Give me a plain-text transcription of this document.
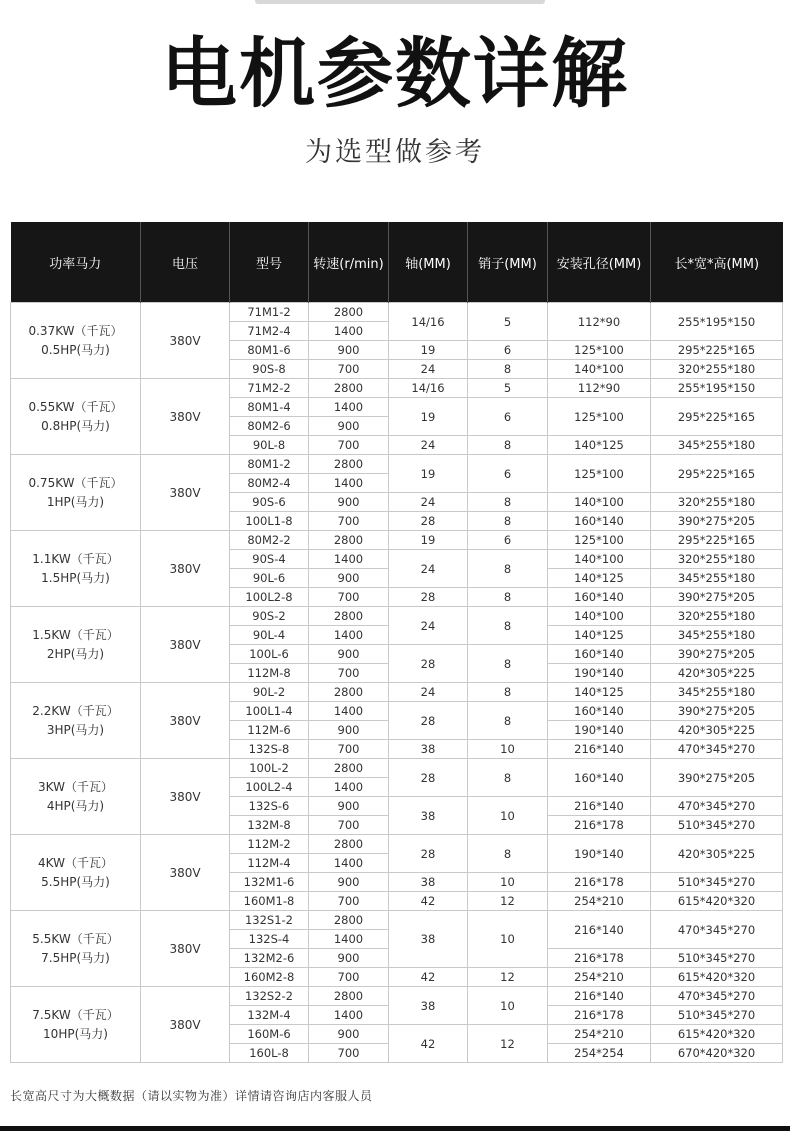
电机参数详解
为选型做参考
功率马力	电压	型号	转速(r/min)	轴(MM)	销子(MM)	安装孔径(MM)	长*宽*高(MM)

0.37KW（千瓦）
0.5HP(马力)	380V	71M1-2	2800	14/16	5	112*90	255*195*150
		71M2-4	1400				
		80M1-6	900	19	6	125*100	295*225*165
		90S-8	700	24	8	140*100	320*255*180

0.55KW（千瓦）
0.8HP(马力)	380V	71M2-2	2800	14/16	5	112*90	255*195*150
		80M1-4	1400	19	6	125*100	295*225*165
		80M2-6	900				
		90L-8	700	24	8	140*125	345*255*180

0.75KW（千瓦）
1HP(马力)	380V	80M1-2	2800	19	6	125*100	295*225*165
		80M2-4	1400				
		90S-6	900	24	8	140*100	320*255*180
		100L1-8	700	28	8	160*140	390*275*205

1.1KW（千瓦）
1.5HP(马力)	380V	80M2-2	2800	19	6	125*100	295*225*165
		90S-4	1400	24	8	140*100	320*255*180
		90L-6	900			140*125	345*255*180
		100L2-8	700	28	8	160*140	390*275*205

1.5KW（千瓦）
2HP(马力)	380V	90S-2	2800	24	8	140*100	320*255*180
		90L-4	1400			140*125	345*255*180
		100L-6	900	28	8	160*140	390*275*205
		112M-8	700			190*140	420*305*225

2.2KW（千瓦）
3HP(马力)	380V	90L-2	2800	24	8	140*125	345*255*180
		100L1-4	1400	28	8	160*140	390*275*205
		112M-6	900			190*140	420*305*225
		132S-8	700	38	10	216*140	470*345*270

3KW（千瓦）
4HP(马力)	380V	100L-2	2800	28	8	160*140	390*275*205
		100L2-4	1400				
		132S-6	900	38	10	216*140	470*345*270
		132M-8	700			216*178	510*345*270

4KW（千瓦）
5.5HP(马力)	380V	112M-2	2800	28	8	190*140	420*305*225
		112M-4	1400				
		132M1-6	900	38	10	216*178	510*345*270
		160M1-8	700	42	12	254*210	615*420*320

5.5KW（千瓦）
7.5HP(马力)	380V	132S1-2	2800	38	10	216*140	470*345*270
		132S-4	1400				
		132M2-6	900			216*178	510*345*270
		160M2-8	700	42	12	254*210	615*420*320

7.5KW（千瓦）
10HP(马力)	380V	132S2-2	2800	38	10	216*140	470*345*270
		132M-4	1400			216*178	510*345*270
		160M-6	900	42	12	254*210	615*420*320
		160L-8	700			254*254	670*420*320
长宽高尺寸为大概数据（请以实物为准）详情请咨询店内客服人员
